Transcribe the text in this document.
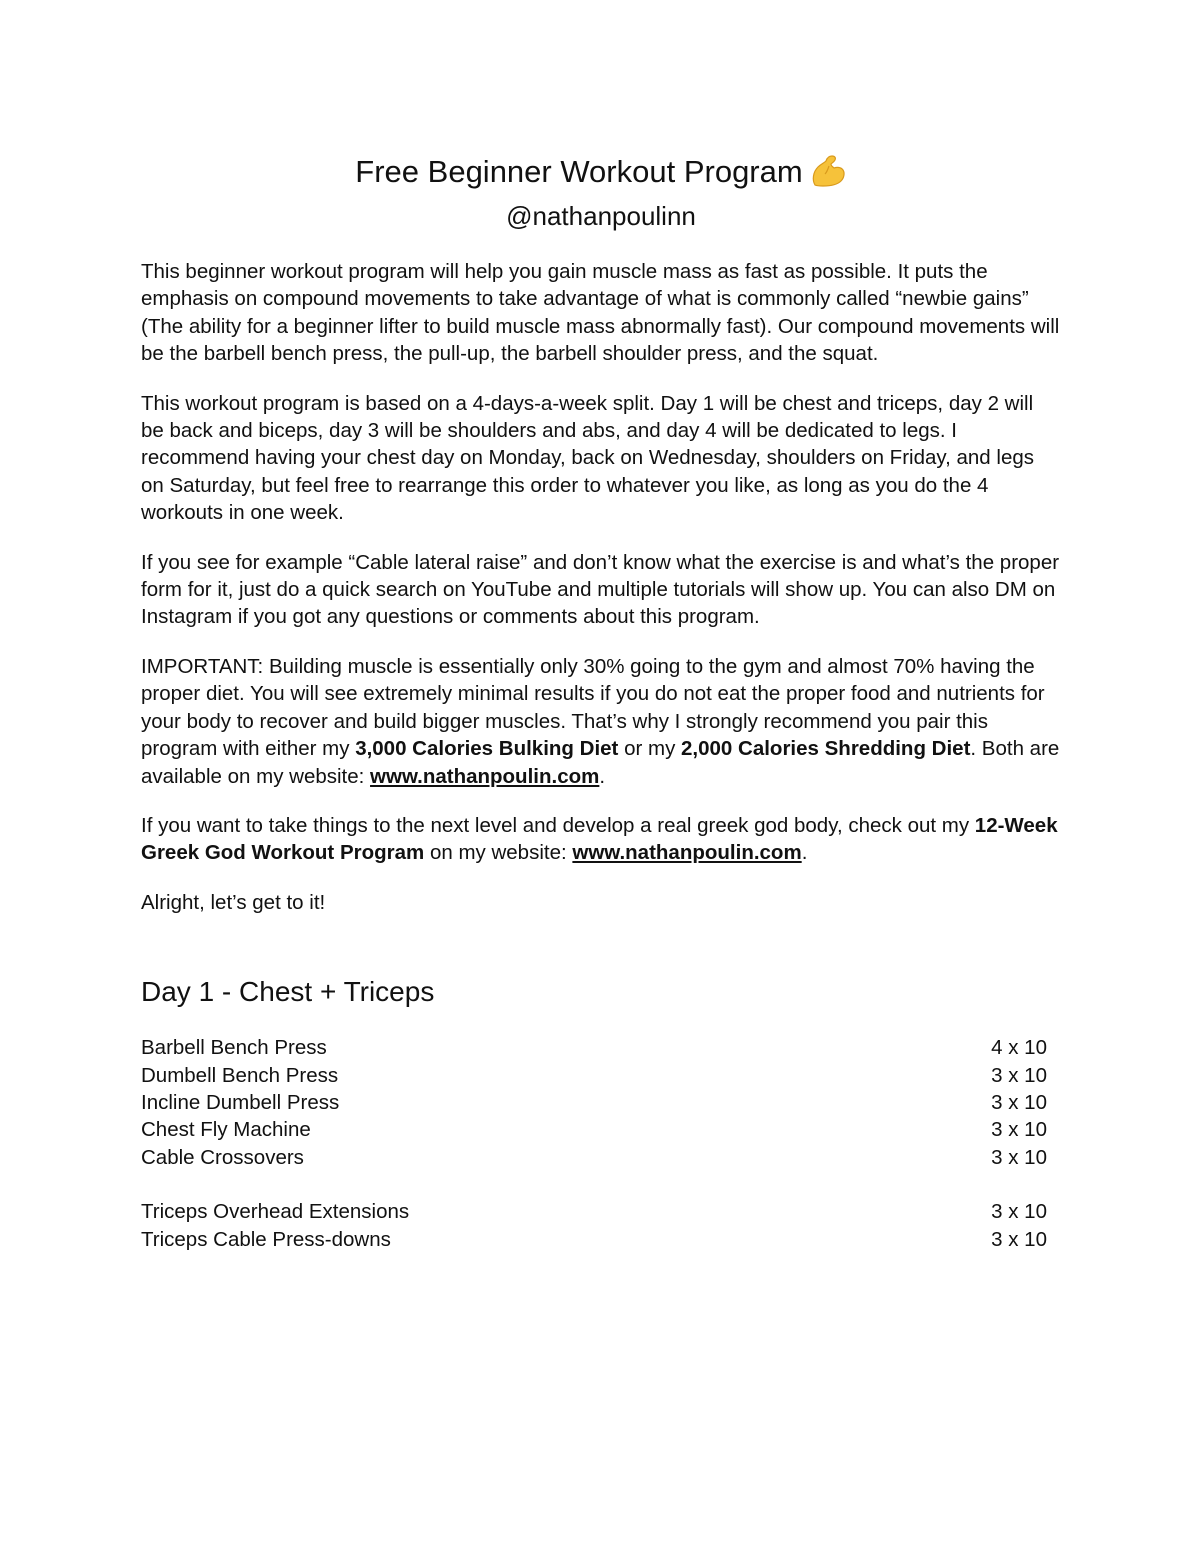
Free Beginner Workout Program

@nathanpoulinn

This beginner workout program will help you gain muscle mass as fast as possible. It puts the emphasis on compound movements to take advantage of what is commonly called “newbie gains” (The ability for a beginner lifter to build muscle mass abnormally fast). Our compound movements will be the barbell bench press, the pull-up, the barbell shoulder press, and the squat.

This workout program is based on a 4-days-a-week split. Day 1 will be chest and triceps, day 2 will be back and biceps, day 3 will be shoulders and abs, and day 4 will be dedicated to legs. I recommend having your chest day on Monday, back on Wednesday, shoulders on Friday, and legs on Saturday, but feel free to rearrange this order to whatever you like, as long as you do the 4 workouts in one week.

If you see for example “Cable lateral raise” and don’t know what the exercise is and what’s the proper form for it, just do a quick search on YouTube and multiple tutorials will show up. You can also DM on Instagram if you got any questions or comments about this program.

IMPORTANT: Building muscle is essentially only 30% going to the gym and almost 70% having the proper diet. You will see extremely minimal results if you do not eat the proper food and nutrients for your body to recover and build bigger muscles. That’s why I strongly recommend you pair this program with either my 3,000 Calories Bulking Diet or my 2,000 Calories Shredding Diet. Both are available on my website: www.nathanpoulin.com.

If you want to take things to the next level and develop a real greek god body, check out my 12-Week Greek God Workout Program on my website: www.nathanpoulin.com.

Alright, let’s get to it!

Day 1 - Chest + Triceps
Barbell Bench Press	4 x 10
Dumbell Bench Press	3 x 10
Incline Dumbell Press	3 x 10
Chest Fly Machine	3 x 10
Cable Crossovers	3 x 10
Triceps Overhead Extensions	3 x 10
Triceps Cable Press-downs	3 x 10
